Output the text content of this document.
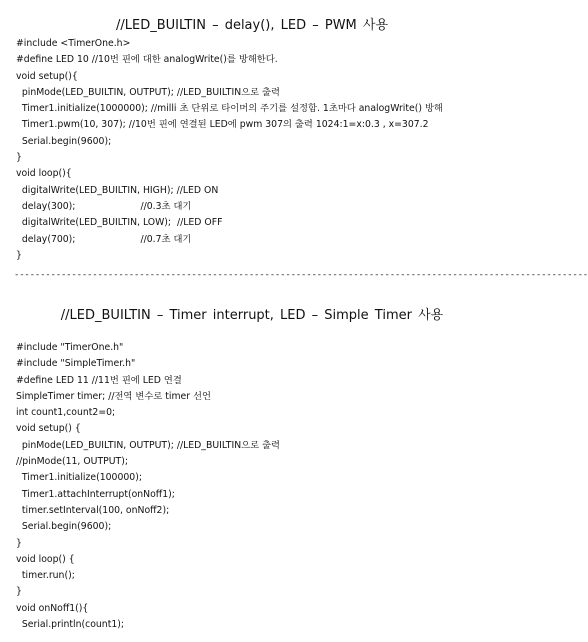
//LED_BUILTIN – delay(), LED – PWM 사용
#include <TimerOne.h>
#define LED 10 //10번 핀에 대한 analogWrite()를 방해한다.
void setup(){
pinMode(LED_BUILTIN, OUTPUT); //LED_BUILTIN으로 출력
Timer1.initialize(1000000); //milli 초 단위로 타이머의 주기를 설정함. 1초마다 analogWrite() 방해
Timer1.pwm(10, 307); //10번 핀에 연결된 LED에 pwm 307의 출력 1024:1=x:0.3 , x=307.2
Serial.begin(9600);
}
void loop(){
digitalWrite(LED_BUILTIN, HIGH); //LED ON
delay(300);                      //0.3초 대기
digitalWrite(LED_BUILTIN, LOW);  //LED OFF
delay(700);                      //0.7초 대기
}
--------------------------------------------------------------------------------------------------------------
//LED_BUILTIN – Timer interrupt, LED – Simple Timer 사용
#include "TimerOne.h"
#include "SimpleTimer.h"
#define LED 11 //11번 핀에 LED 연결
SimpleTimer timer; //전역 변수로 timer 선언
int count1,count2=0;
void setup() {
pinMode(LED_BUILTIN, OUTPUT); //LED_BUILTIN으로 출력
//pinMode(11, OUTPUT);
Timer1.initialize(100000);
Timer1.attachInterrupt(onNoff1);
timer.setInterval(100, onNoff2);
Serial.begin(9600);
}
void loop() {
timer.run();
}
void onNoff1(){
Serial.println(count1);
